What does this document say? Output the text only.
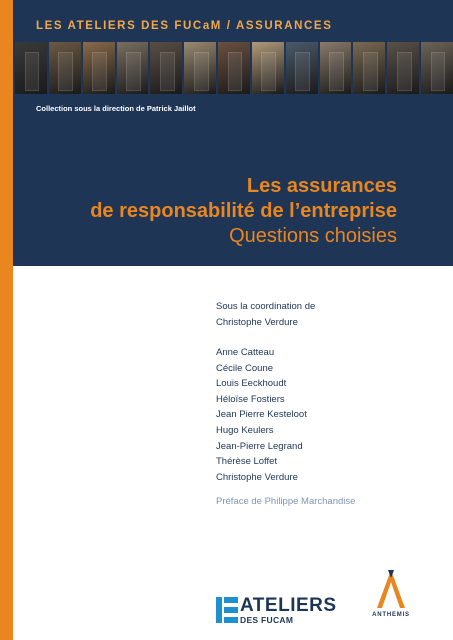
LES ATELIERS DES FUCaM / ASSURANCES
Collection sous la direction de Patrick Jaillot
Les assurances
de responsabilité de l’entreprise
Questions choisies
Sous la coordination de
Christophe Verdure
Anne Catteau
Cécile Coune
Louis Eeckhoudt
Héloïse Fostiers
Jean Pierre Kesteloot
Hugo Keulers
Jean-Pierre Legrand
Thérèse Loffet
Christophe Verdure
Préface de Philippe Marchandise
ATELIERS
DES FUCAM	ANTHEMIS
